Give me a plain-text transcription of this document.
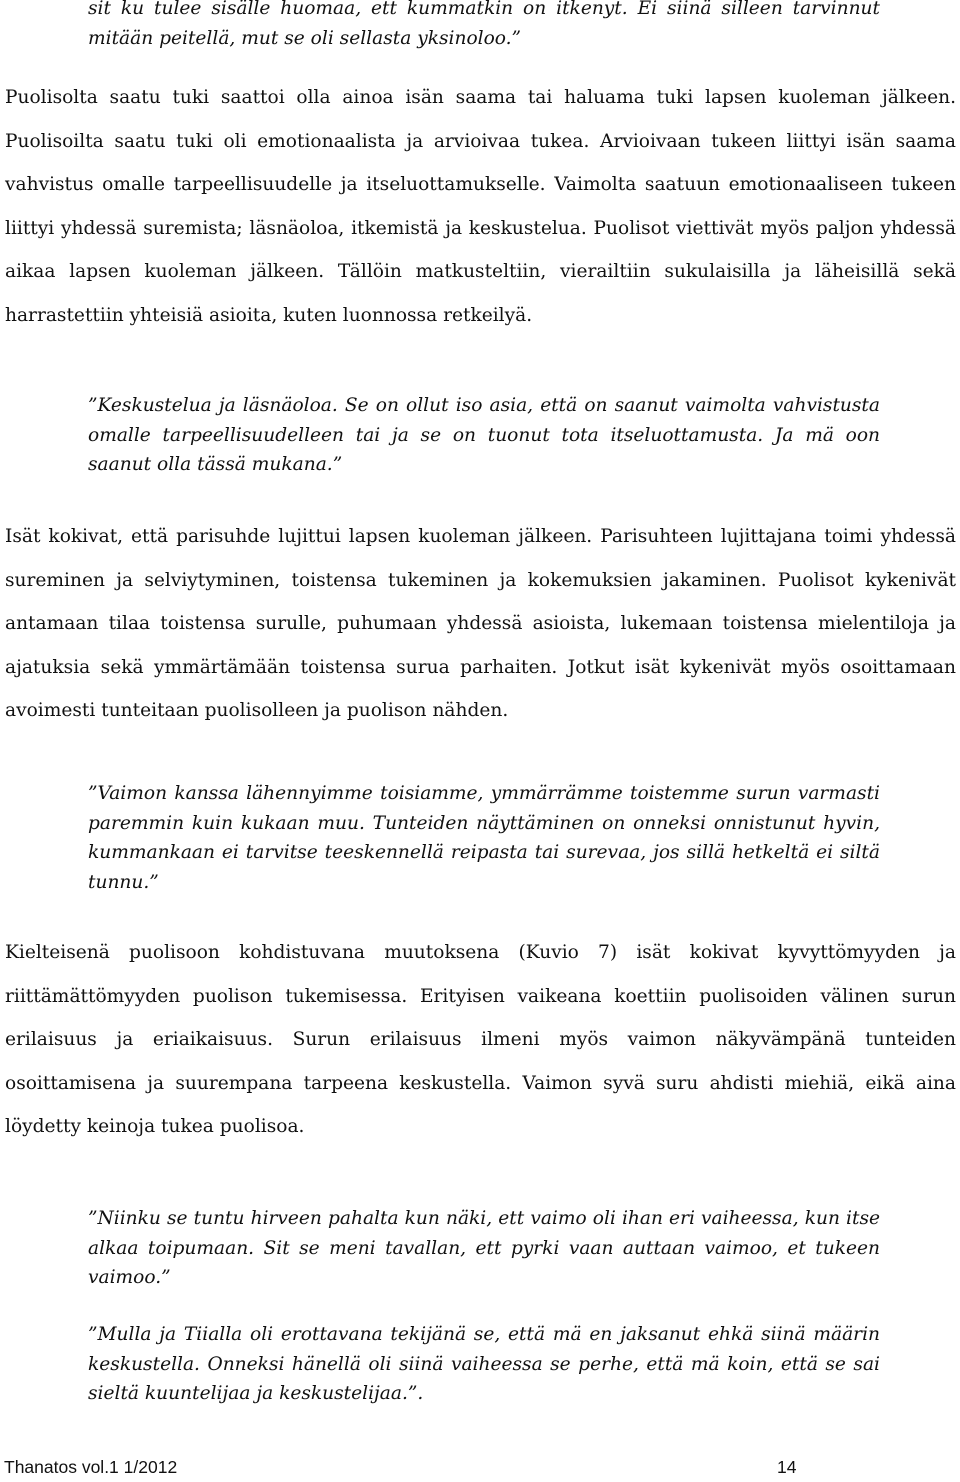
sit ku tulee sisälle huomaa, ett kummatkin on itkenyt. Ei siinä silleen tarvinnut mitään peitellä, mut se oli sellasta yksinoloo.”

Puolisolta saatu tuki saattoi olla ainoa isän saama tai haluama tuki lapsen kuoleman jälkeen. Puolisoilta saatu tuki oli emotionaalista ja arvioivaa tukea. Arvioivaan tukeen liittyi isän saama vahvistus omalle tarpeellisuudelle ja itseluottamukselle. Vaimolta saatuun emotionaaliseen tukeen liittyi yhdessä suremista; läsnäoloa, itkemistä ja keskustelua. Puolisot viettivät myös paljon yhdessä aikaa lapsen kuoleman jälkeen. Tällöin matkusteltiin, vierailtiin sukulaisilla ja läheisillä sekä harrastettiin yhteisiä asioita, kuten luonnossa retkeilyä.

”Keskustelua ja läsnäoloa. Se on ollut iso asia, että on saanut vaimolta vahvistusta omalle tarpeellisuudelleen tai ja se on tuonut tota itseluottamusta. Ja mä oon saanut olla tässä mukana.”

Isät kokivat, että parisuhde lujittui lapsen kuoleman jälkeen. Parisuhteen lujittajana toimi yhdessä sureminen ja selviytyminen, toistensa tukeminen ja kokemuksien jakaminen. Puolisot kykenivät antamaan tilaa toistensa surulle, puhumaan yhdessä asioista, lukemaan toistensa mielentiloja ja ajatuksia sekä ymmärtämään toistensa surua parhaiten. Jotkut isät kykenivät myös osoittamaan avoimesti tunteitaan puolisolleen ja puolison nähden.

”Vaimon kanssa lähennyimme toisiamme, ymmärrämme toistemme surun varmasti paremmin kuin kukaan muu. Tunteiden näyttäminen on onneksi onnistunut hyvin, kummankaan ei tarvitse teeskennellä reipasta tai surevaa, jos sillä hetkeltä ei siltä tunnu.”

Kielteisenä puolisoon kohdistuvana muutoksena (Kuvio 7) isät kokivat kyvyttömyyden ja riittämättömyyden puolison tukemisessa. Erityisen vaikeana koettiin puolisoiden välinen surun erilaisuus ja eriaikaisuus. Surun erilaisuus ilmeni myös vaimon näkyvämpänä tunteiden osoittamisena ja suurempana tarpeena keskustella. Vaimon syvä suru ahdisti miehiä, eikä aina löydetty keinoja tukea puolisoa.

”Niinku se tuntu hirveen pahalta kun näki, ett vaimo oli ihan eri vaiheessa, kun itse alkaa toipumaan. Sit se meni tavallan, ett pyrki vaan auttaan vaimoo, et tukeen vaimoo.”

”Mulla ja Tiialla oli erottavana tekijänä se, että mä en jaksanut ehkä siinä määrin keskustella. Onneksi hänellä oli siinä vaiheessa se perhe, että mä koin, että se sai sieltä kuuntelijaa ja keskustelijaa.”.

Thanatos vol.1 1/2012	14
